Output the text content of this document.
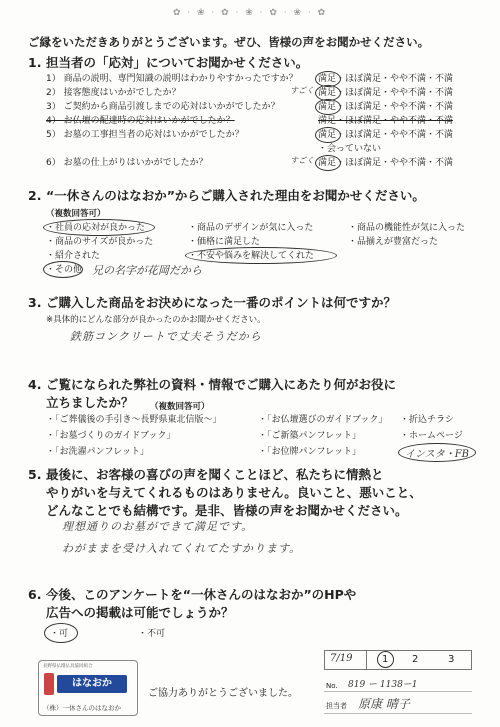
✿ · ❀ · ✿ · ❀ · ✿ · ❀ · ✿
ご縁をいただきありがとうございます。ぜひ、皆様の声をお聞かせください。
1. 担当者の「応対」についてお聞かせください。
1） 商品の説明、専門知識の説明はわかりやすかったですか？ 満足・ほぼ満足・やや不満・不満
2） 接客態度はいかがでしたか？	すごく 満足・ほぼ満足・やや不満・不満
3） ご契約から商品引渡しまでの応対はいかがでしたか？	満足・ほぼ満足・やや不満・不満
4） お仏壇の配達時の応対はいかがでしたか？	満足・ほぼ満足・やや不満・不満
5） お墓の工事担当者の応対はいかがでしたか？	満足・ほぼ満足・やや不満・不満
・会っていない
6） お墓の仕上がりはいかがでしたか？	すごく 満足・ほぼ満足・やや不満・不満
2. “一休さんのはなおか”からご購入された理由をお聞かせください。
（複数回答可）
・社員の応対が良かった	・商品のデザインが気に入った	・商品の機能性が気に入った
・商品のサイズが良かった	・価格に満足した	・品揃えが豊富だった
・紹介された	・不安や悩みを解決してくれた
・その他 兄の名字が花岡だから
3. ご購入した商品をお決めになった一番のポイントは何ですか？
※具体的にどんな部分が良かったのかお聞かせください。
鉄筋コンクリートで丈夫そうだから
4. ご覧になられた弊社の資料・情報でご購入にあたり何がお役に
立ちましたか？ （複数回答可）
・「ご葬儀後の手引き～長野県東北信版～」	・「お仏壇選びのガイドブック」 ・折込チラシ
・「お墓づくりのガイドブック」	・「ご新築パンフレット」	・ホームページ
・「お洗濯パンフレット」	・「お位牌パンフレット」	インスタ・FB
5. 最後に、お客様の喜びの声を聞くことほど、私たちに情熱と
やりがいを与えてくれるものはありません。良いこと、悪いこと、
どんなことでも結構です。是非、皆様の声をお聞かせください。
理想通りのお墓ができて満足です。
わがままを受け入れてくれてたすかります。
6. 今後、このアンケートを“一休さんのはなおか”のHPや
広告への掲載は可能でしょうか？
・可	・不可
長野県仏壇仏具協同組合
はなおか
（株）一休さんのはなおか
ご協力ありがとうございました。
7/19	1 2	3
No. 819 ー 1138ー1
担当者 原康 晴子
